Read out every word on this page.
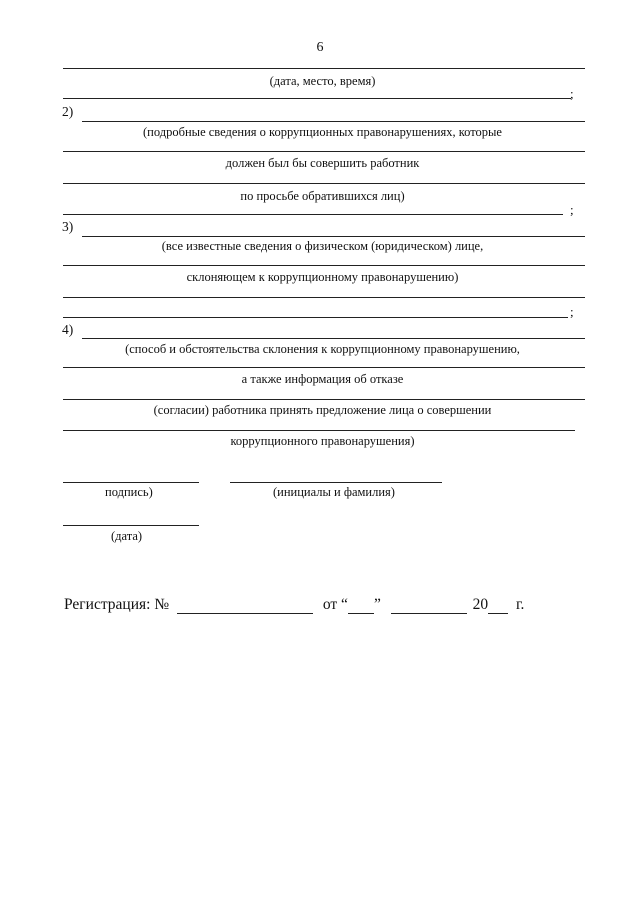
6
(дата, место, время)
;
2)
(подробные сведения о коррупционных правонарушениях, которые
должен был бы совершить работник
по просьбе обратившихся лиц)
;
3)
(все известные сведения о физическом (юридическом) лице,
склоняющем к коррупционному правонарушению)
;
4)
(способ и обстоятельства склонения к коррупционному правонарушению,
а также информация об отказе
(согласии) работника принять предложение лица о совершении
коррупционного правонарушения)
подпись)	(инициалы и фамилия)
(дата)
Регистрация: №	от “ ”	20 г.
